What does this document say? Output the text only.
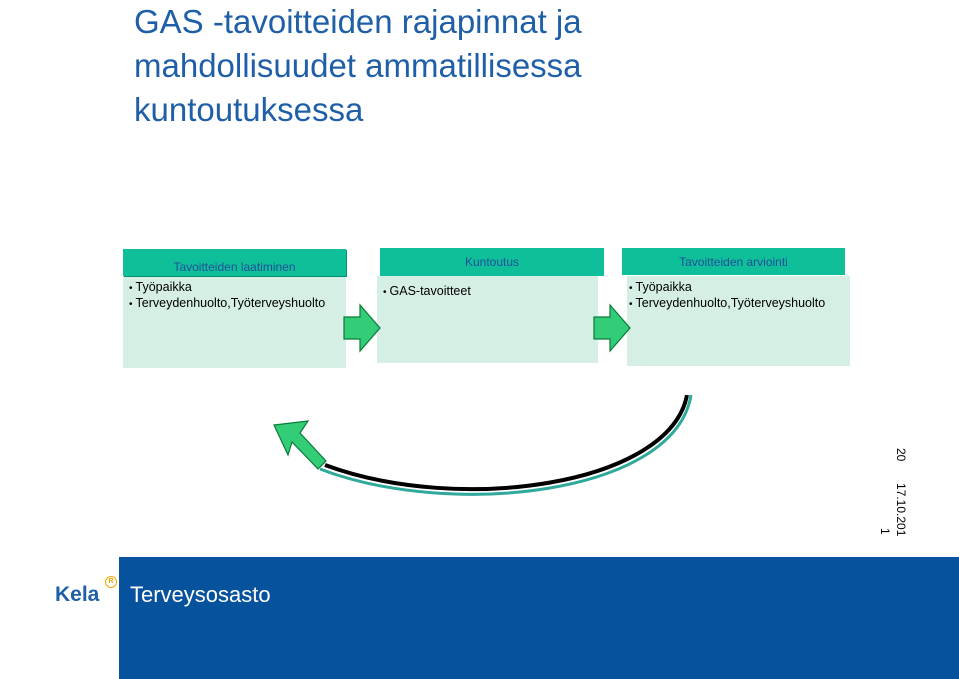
GAS -tavoitteiden rajapinnat ja
mahdollisuudet ammatillisessa
kuntoutuksessa
• Työpaikka
• Terveydenhuolto,Työterveyshuolto
Tavoitteiden laatiminen
• GAS-tavoitteet
Kuntoutus
• Työpaikka
• Terveydenhuolto,Työterveyshuolto
Tavoitteiden arviointi
20
17.10.201
1
Kela
R
Terveysosasto
